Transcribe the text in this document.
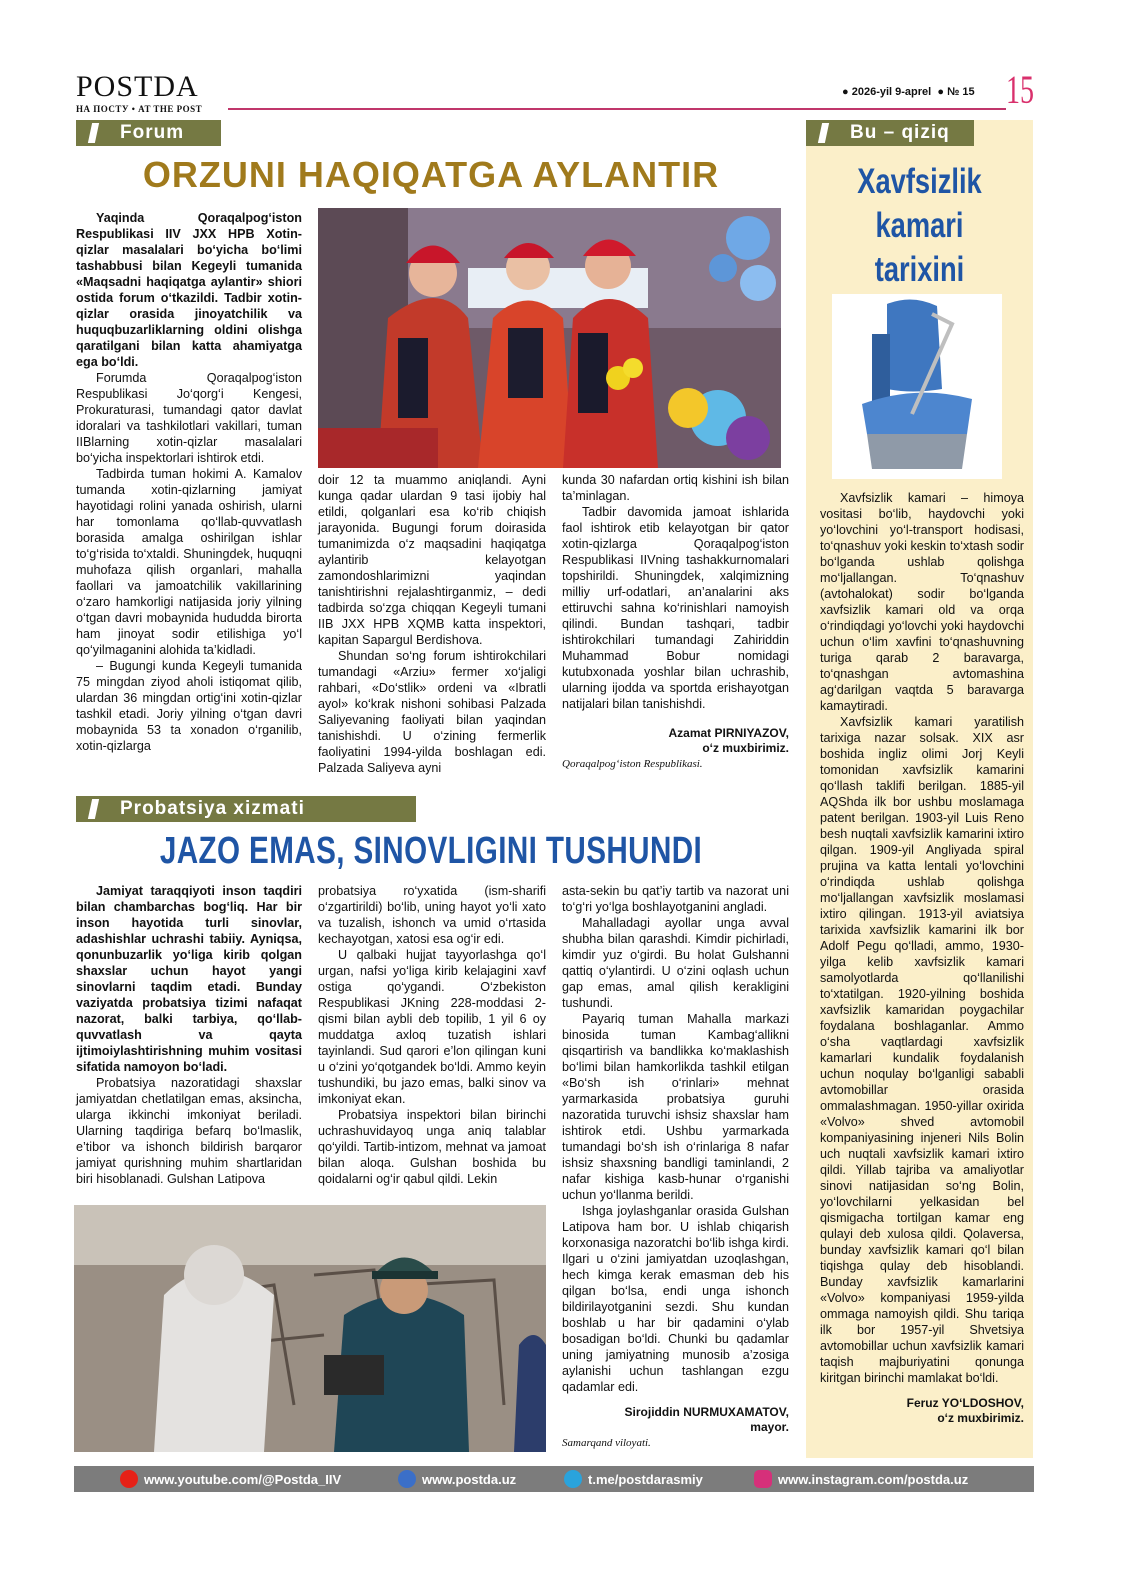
POSTDA
НА ПОСТУ • AT THE POST
● 2026-yil 9-aprel ● № 15 15
Forum
ORZUNI HAQIQATGA AYLANTIR

Yaqinda Qoraqalpog‘iston Respublikasi IIV JXX HPB Xotin-qizlar masalalari bo‘yicha bo‘limi tashabbusi bilan Kegeyli tumanida «Maqsadni haqiqatga aylantir» shiori ostida forum o‘tkazildi. Tadbir xotin-qizlar orasida jinoyatchilik va huquqbuzarliklarning oldini olishga qaratilgani bilan katta ahamiyatga ega bo‘ldi.

Forumda Qoraqalpog‘iston Respublikasi Jo‘qorg‘i Kengesi, Prokuraturasi, tumandagi qator davlat idoralari va tashkilotlari vakillari, tuman IIBlarning xotin-qizlar masalalari bo‘yicha inspektorlari ishtirok etdi.

Tadbirda tuman hokimi A. Kamalov tumanda xotin-qizlarning jamiyat hayotidagi rolini yanada oshirish, ularni har tomonlama qo‘llab-quvvatlash borasida amalga oshirilgan ishlar to‘g‘risida to‘xtaldi. Shuningdek, huquqni muhofaza qilish organlari, mahalla faollari va jamoatchilik vakillarining o‘zaro hamkorligi natijasida joriy yilning o‘tgan davri mobaynida hududda birorta ham jinoyat sodir etilishiga yo‘l qo‘yilmaganini alohida ta’kidladi.

– Bugungi kunda Kegeyli tumanida 75 mingdan ziyod aholi istiqomat qilib, ulardan 36 mingdan ortig‘ini xotin-qizlar tashkil etadi. Joriy yilning o‘tgan davri mobaynida 53 ta xonadon o‘rganilib, xotin-qizlarga

doir 12 ta muammo aniqlandi. Ayni kunga qadar ulardan 9 tasi ijobiy hal etildi, qolganlari esa ko‘rib chiqish jarayonida. Bugungi forum doirasida tumanimizda o‘z maqsadini haqiqatga aylantirib kelayotgan zamondoshlarimizni yaqindan tanishtirishni rejalashtirganmiz, – dedi tadbirda so‘zga chiqqan Kegeyli tumani IIB JXX HPB XQMB katta inspektori, kapitan Sapargul Berdishova.

Shundan so‘ng forum ishtirokchilari tumandagi «Arziu» fermer xo‘jaligi rahbari, «Do‘stlik» ordeni va «Ibratli ayol» ko‘krak nishoni sohibasi Palzada Saliyevaning faoliyati bilan yaqindan tanishishdi. U o‘zining fermerlik faoliyatini 1994-yilda boshlagan edi. Palzada Saliyeva ayni

kunda 30 nafardan ortiq kishini ish bilan ta’minlagan.

Tadbir davomida jamoat ishlarida faol ishtirok etib kelayotgan bir qator xotin-qizlarga Qoraqalpog‘iston Respublikasi IIVning tashakkurnomalari topshirildi. Shuningdek, xalqimizning milliy urf-odatlari, an’analarini aks ettiruvchi sahna ko‘rinishlari namoyish qilindi. Bundan tashqari, tadbir ishtirokchilari tumandagi Zahiriddin Muhammad Bobur nomidagi kutubxonada yoshlar bilan uchrashib, ularning ijodda va sportda erishayotgan natijalari bilan tanishishdi.

Azamat PIRNIYAZOV,
o‘z muxbirimiz.
Qoraqalpog‘iston Respublikasi.
Probatsiya xizmati
JAZO EMAS, SINOVLIGINI TUSHUNDI

Jamiyat taraqqiyoti inson taqdiri bilan chambarchas bog‘liq. Har bir inson hayotida turli sinovlar, adashishlar uchrashi tabiiy. Ayniqsa, qonunbuzarlik yo‘liga kirib qolgan shaxslar uchun hayot yangi sinovlarni taqdim etadi. Bunday vaziyatda probatsiya tizimi nafaqat nazorat, balki tarbiya, qo‘llab-quvvatlash va qayta ijtimoiylashtirishning muhim vositasi sifatida namoyon bo‘ladi.

Probatsiya nazoratidagi shaxslar jamiyatdan chetlatilgan emas, aksincha, ularga ikkinchi imkoniyat beriladi. Ularning taqdiriga befarq bo‘lmaslik, e’tibor va ishonch bildirish barqaror jamiyat qurishning muhim shartlaridan biri hisoblanadi. Gulshan Latipova

probatsiya ro‘yxatida (ism-sharifi o‘zgartirildi) bo‘lib, uning hayot yo‘li xato va tuzalish, ishonch va umid o‘rtasida kechayotgan, xatosi esa og‘ir edi.

U qalbaki hujjat tayyorlashga qo‘l urgan, nafsi yo‘liga kirib kelajagini xavf ostiga qo‘ygandi. O‘zbekiston Respublikasi JKning 228-moddasi 2-qismi bilan aybli deb topilib, 1 yil 6 oy muddatga axloq tuzatish ishlari tayinlandi. Sud qarori e’lon qilingan kuni u o‘zini yo‘qotgandek bo‘ldi. Ammo keyin tushundiki, bu jazo emas, balki sinov va imkoniyat ekan.

Probatsiya inspektori bilan birinchi uchrashuvidayoq unga aniq talablar qo‘yildi. Tartib-intizom, mehnat va jamoat bilan aloqa. Gulshan boshida bu qoidalarni og‘ir qabul qildi. Lekin

asta-sekin bu qat’iy tartib va nazorat uni to‘g‘ri yo‘lga boshlayotganini angladi.

Mahalladagi ayollar unga avval shubha bilan qarashdi. Kimdir pichirladi, kimdir yuz o‘girdi. Bu holat Gulshanni qattiq o‘ylantirdi. U o‘zini oqlash uchun gap emas, amal qilish kerakligini tushundi.

Payariq tuman Mahalla markazi binosida tuman Kambag‘allikni qisqartirish va bandlikka ko‘maklashish bo‘limi bilan hamkorlikda tashkil etilgan «Bo‘sh ish o‘rinlari» mehnat yarmarkasida probatsiya guruhi nazoratida turuvchi ishsiz shaxslar ham ishtirok etdi. Ushbu yarmarkada tumandagi bo‘sh ish o‘rinlariga 8 nafar ishsiz shaxsning bandligi taminlandi, 2 nafar kishiga kasb-hunar o‘rganishi uchun yo‘llanma berildi.

Ishga joylashganlar orasida Gulshan Latipova ham bor. U ishlab chiqarish korxonasiga nazoratchi bo‘lib ishga kirdi. Ilgari u o‘zini jamiyatdan uzoqlashgan, hech kimga kerak emasman deb his qilgan bo‘lsa, endi unga ishonch bildirilayotganini sezdi. Shu kundan boshlab u har bir qadamini o‘ylab bosadigan bo‘ldi. Chunki bu qadamlar uning jamiyatning munosib a’zosiga aylanishi uchun tashlangan ezgu qadamlar edi.

Sirojiddin NURMUXAMATOV,
mayor.
Samarqand viloyati.
Bu – qiziq
Xavfsizlik kamari tarixini

Xavfsizlik kamari – himoya vositasi bo‘lib, haydovchi yoki yo‘lovchini yo‘l-transport hodisasi, to‘qnashuv yoki keskin to‘xtash sodir bo‘lganda ushlab qolishga mo‘ljallangan. To‘qnashuv (avtohalokat) sodir bo‘lganda xavfsizlik kamari old va orqa o‘rindiqdagi yo‘lovchi yoki haydovchi uchun o‘lim xavfini to‘qnashuvning turiga qarab 2 baravarga, to‘qnashgan avtomashina ag‘darilgan vaqtda 5 baravarga kamaytiradi.

Xavfsizlik kamari yaratilish tarixiga nazar solsak. XIX asr boshida ingliz olimi Jorj Keyli tomonidan xavfsizlik kamarini qo‘llash taklifi berilgan. 1885-yil AQShda ilk bor ushbu moslamaga patent berilgan. 1903-yil Luis Reno besh nuqtali xavfsizlik kamarini ixtiro qilgan. 1909-yil Angliyada spiral prujina va katta lentali yo‘lovchini o‘rindiqda ushlab qolishga mo‘ljallangan xavfsizlik moslamasi ixtiro qilingan. 1913-yil aviatsiya tarixida xavfsizlik kamarini ilk bor Adolf Pegu qo‘lladi, ammo, 1930-yilga kelib xavfsizlik kamari samolyotlarda qo‘llanilishi to‘xtatilgan. 1920-yilning boshida xavfsizlik kamaridan poygachilar foydalana boshlaganlar. Ammo o‘sha vaqtlardagi xavfsizlik kamarlari kundalik foydalanish uchun noqulay bo‘lganligi sababli avtomobillar orasida ommalashmagan. 1950-yillar oxirida «Volvo» shved avtomobil kompaniyasining injeneri Nils Bolin uch nuqtali xavfsizlik kamari ixtiro qildi. Yillab tajriba va amaliyotlar sinovi natijasidan so‘ng Bolin, yo‘lovchilarni yelkasidan bel qismigacha tortilgan kamar eng qulayi deb xulosa qildi. Qolaversa, bunday xavfsizlik kamari qo‘l bilan tiqishga qulay deb hisoblandi. Bunday xavfsizlik kamarlarini «Volvo» kompaniyasi 1959-yilda ommaga namoyish qildi. Shu tariqa ilk bor 1957-yil Shvetsiya avtomobillar uchun xavfsizlik kamari taqish majburiyatini qonunga kiritgan birinchi mamlakat bo‘ldi.

Feruz YO‘LDOSHOV,
o‘z muxbirimiz.
www.youtube.com/@Postda_IIV	www.postda.uz	t.me/postdarasmiy	www.instagram.com/postda.uz
